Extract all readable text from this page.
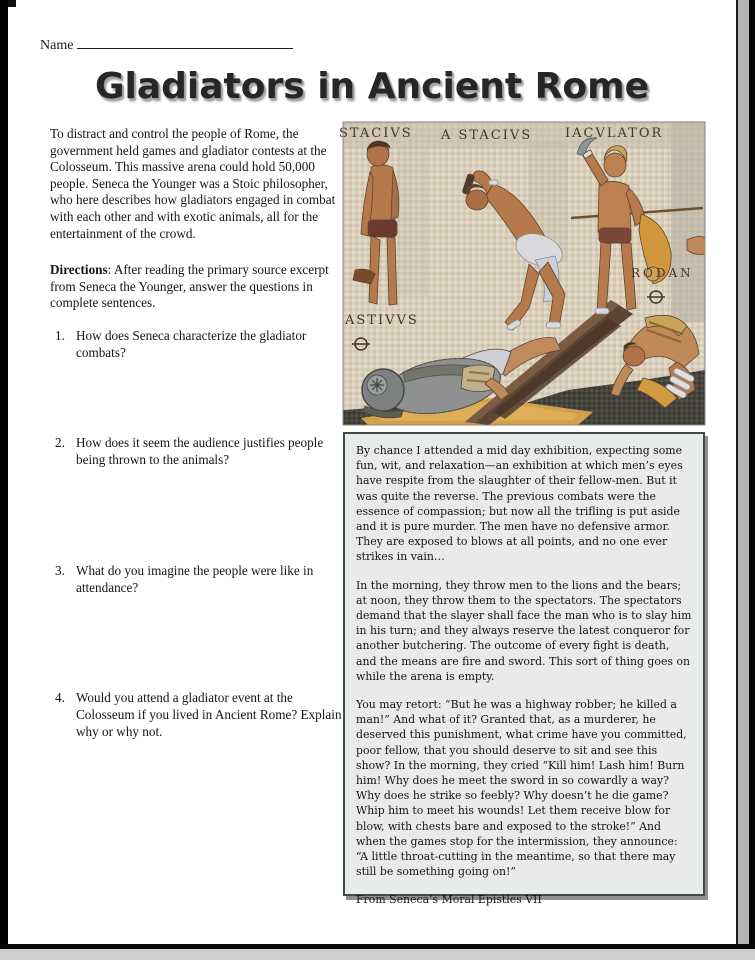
Name
Gladiators in Ancient Rome
To distract and control the people of Rome, the government held games and gladiator contests at the Colosseum. This massive arena could hold 50,000 people. Seneca the Younger was a Stoic philosopher, who here describes how gladiators engaged in combat with each other and with exotic animals, all for the entertainment of the crowd.
Directions: After reading the primary source excerpt from Seneca the Younger, answer the questions in complete sentences.
1. How does Seneca characterize the gladiator combats?
2. How does it seem the audience justifies people being thrown to the animals?
3. What do you imagine the people were like in attendance?
4. Would you attend a gladiator event at the Colosseum if you lived in Ancient Rome? Explain why or why not.
STACIVS A STACIVS	IACVLATOR
RODAN
ASTIVVS

By chance I attended a mid day exhibition, expecting some fun, wit, and relaxation—an exhibition at which men’s eyes have respite from the slaughter of their fellow-men. But it was quite the reverse. The previous combats were the essence of compassion; but now all the trifling is put aside and it is pure murder. The men have no defensive armor. They are exposed to blows at all points, and no one ever strikes in vain…

In the morning, they throw men to the lions and the bears; at noon, they throw them to the spectators. The spectators demand that the slayer shall face the man who is to slay him in his turn; and they always reserve the latest conqueror for another butchering. The outcome of every fight is death, and the means are fire and sword. This sort of thing goes on while the arena is empty.

You may retort: “But he was a highway robber; he killed a man!” And what of it? Granted that, as a murderer, he deserved this punishment, what crime have you committed, poor fellow, that you should deserve to sit and see this show? In the morning, they cried “Kill him! Lash him! Burn him! Why does he meet the sword in so cowardly a way? Why does he strike so feebly? Why doesn’t he die game? Whip him to meet his wounds! Let them receive blow for blow, with chests bare and exposed to the stroke!” And when the games stop for the intermission, they announce: “A little throat-cutting in the meantime, so that there may still be something going on!”

From Seneca’s Moral Epistles VII
